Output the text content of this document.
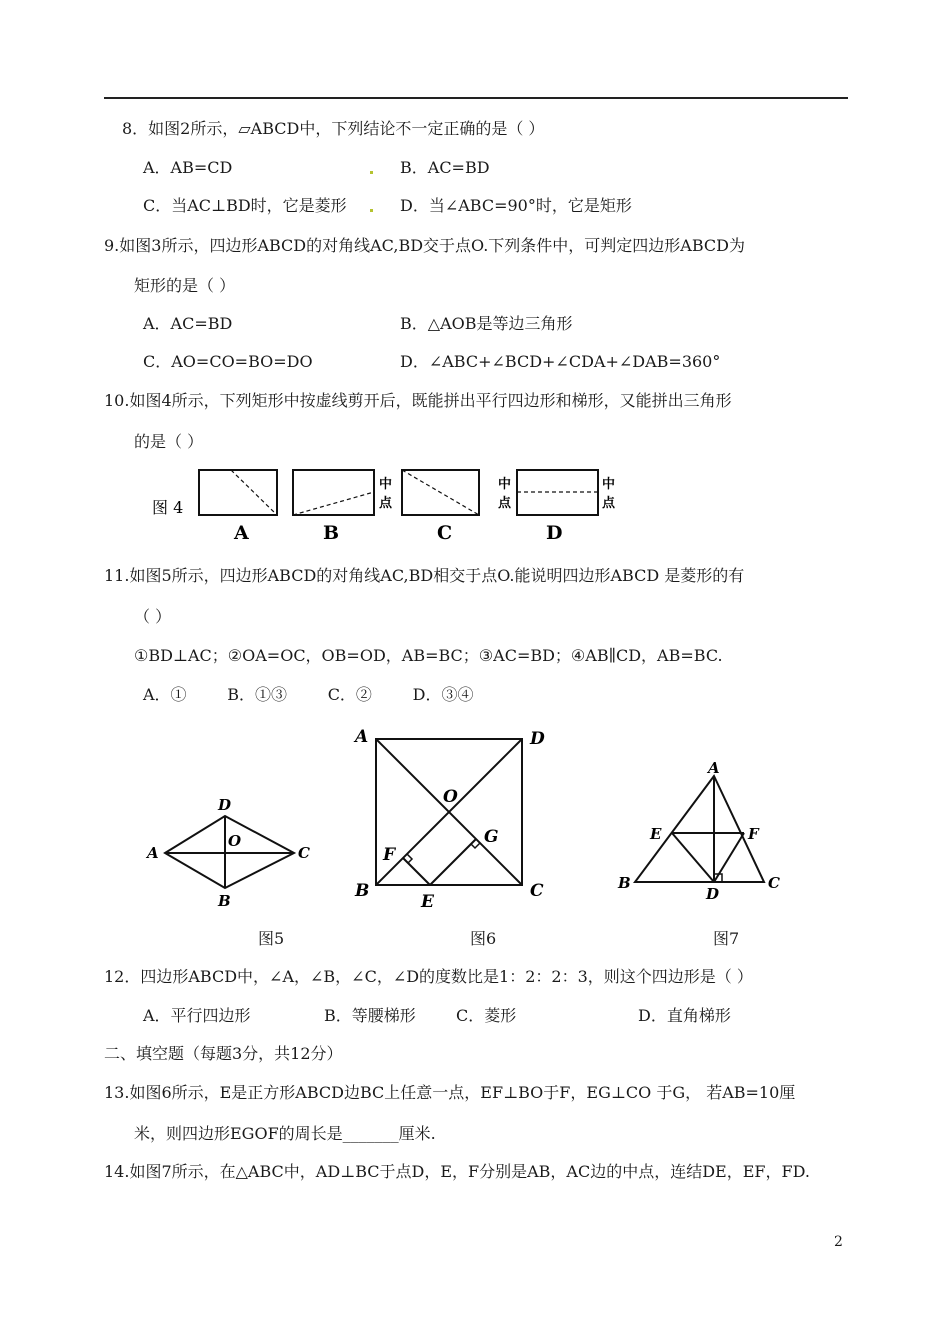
8．如图2所示，▱ABCD中，下列结论不一定正确的是（ ）
A．AB=CD	B．AC=BD
C．当AC⊥BD时，它是菱形	D．当∠ABC=90°时，它是矩形
9.如图3所示，四边形ABCD的对角线AC,BD交于点O.下列条件中，可判定四边形ABCD为
矩形的是（ ）
A．AC=BD	B．△AOB是等边三角形
C．AO=CO=BO=DO	D．∠ABC+∠BCD+∠CDA+∠DAB=360°
10.如图4所示，下列矩形中按虚线剪开后，既能拼出平行四边形和梯形，又能拼出三角形
的是（ ）
图 4
中
点
中
点
中
点
A	B	C	D
11.如图5所示，四边形ABCD的对角线AC,BD相交于点O.能说明四边形ABCD 是菱形的有
（ ）
①BD⊥AC；②OA=OC，OB=OD，AB=BC；③AC=BD；④AB∥CD，AB=BC.
A．①        B．①③        C．②        D．③④
A
D
C
B
O
A	D
B	C
O
E
F
G
A
E	F
B	C
D
图5	图6	图7
12．四边形ABCD中，∠A，∠B，∠C，∠D的度数比是1：2：2：3，则这个四边形是（ ）
A．平行四边形	B．等腰梯形	C．菱形	D．直角梯形
二、填空题（每题3分，共12分）
13.如图6所示，E是正方形ABCD边BC上任意一点，EF⊥BO于F，EG⊥CO 于G， 若AB=10厘
米，则四边形EGOF的周长是_______厘米.
14.如图7所示，在△ABC中，AD⊥BC于点D，E，F分别是AB，AC边的中点，连结DE，EF，FD.
2
